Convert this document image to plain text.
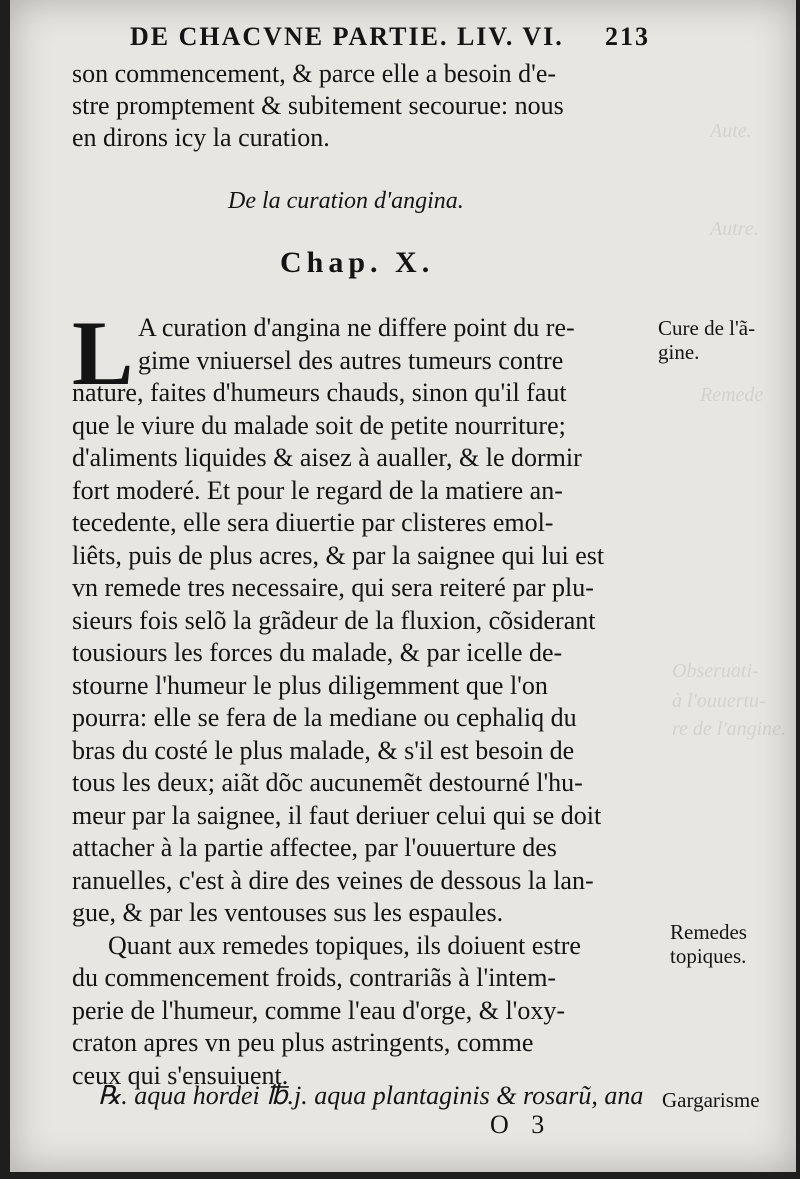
Aute.
Autre.
Remede
Obseruati-
à l'ouuertu-
re de l'angine.
DE CHACVNE PARTIE. LIV. VI. 213
son commencement, & parce elle a besoin d'e-
stre promptement & subitement secourue: nous
en dirons icy la curation.
De la curation d'angina.
Chap. X.
L A curation d'angina ne differe point du re-
gime vniuersel des autres tumeurs contre
nature, faites d'humeurs chauds, sinon qu'il faut
que le viure du malade soit de petite nourriture;
d'aliments liquides & aisez à aualler, & le dormir
fort moderé. Et pour le regard de la matiere an-
tecedente, elle sera diuertie par clisteres emol-
liêts, puis de plus acres, & par la saignee qui lui est
vn remede tres necessaire, qui sera reiteré par plu-
sieurs fois selõ la grãdeur de la fluxion, cõsiderant
tousiours les forces du malade, & par icelle de-
stourne l'humeur le plus diligemment que l'on
pourra: elle se fera de la mediane ou cephaliq du
bras du costé le plus malade, & s'il est besoin de
tous les deux; aiãt dõc aucunemẽt destourné l'hu-
meur par la saignee, il faut deriuer celui qui se doit
attacher à la partie affectee, par l'ouuerture des
ranuelles, c'est à dire des veines de dessous la lan-
gue, & par les ventouses sus les espaules.
Quant aux remedes topiques, ils doiuent estre
du commencement froids, contrariãs à l'intem-
perie de l'humeur, comme l'eau d'orge, & l'oxy-
craton apres vn peu plus astringents, comme
ceux qui s'ensuiuent.
℞. aqua hordei ℔.j. aqua plantaginis & rosarũ, ana
Cure de l'ã-
gine.
Remedes
topiques.
Gargarisme
O 3
